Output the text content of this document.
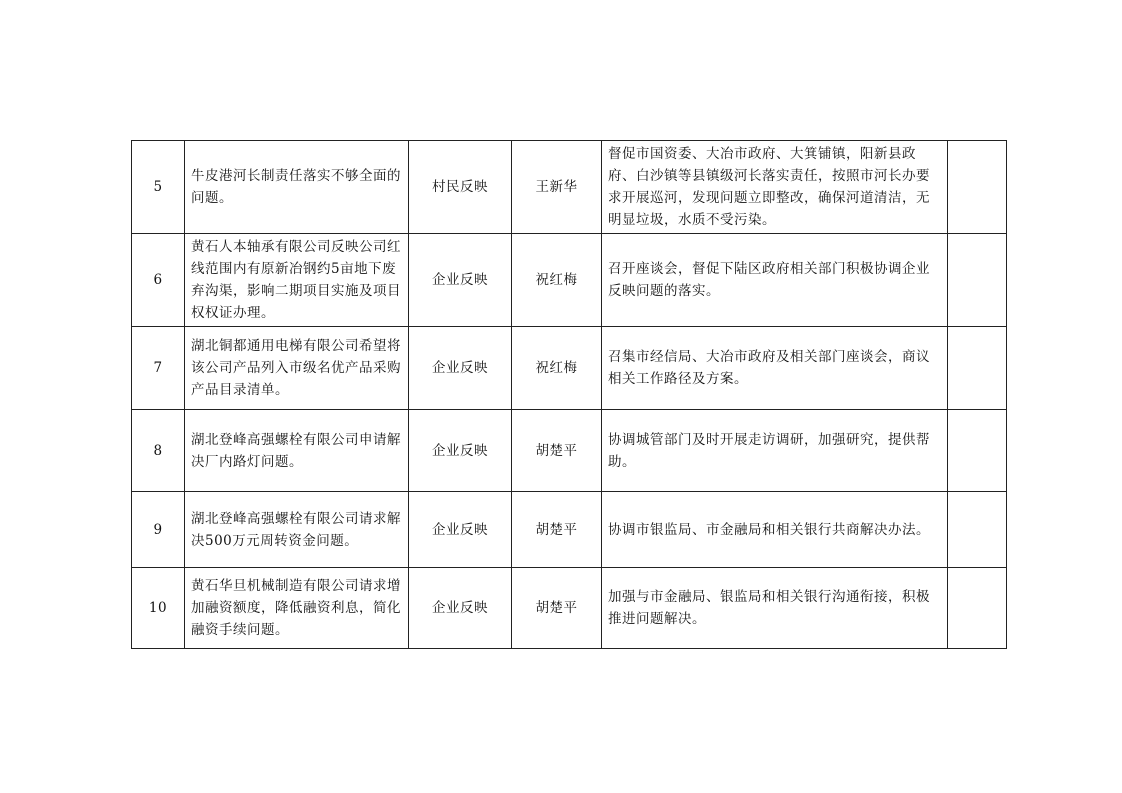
5	牛皮港河长制责任落实不够全面的问题。	村民反映	王新华	督促市国资委、大冶市政府、大箕铺镇，阳新县政府、白沙镇等县镇级河长落实责任，按照市河长办要求开展巡河，发现问题立即整改，确保河道清洁，无明显垃圾，水质不受污染。	
6	黄石人本轴承有限公司反映公司红线范围内有原新冶钢约5亩地下废弃沟渠，影响二期项目实施及项目权权证办理。	企业反映	祝红梅	召开座谈会，督促下陆区政府相关部门积极协调企业反映问题的落实。	
7	湖北铜都通用电梯有限公司希望将该公司产品列入市级名优产品采购产品目录清单。	企业反映	祝红梅	召集市经信局、大冶市政府及相关部门座谈会，商议相关工作路径及方案。	
8	湖北登峰高强螺栓有限公司申请解决厂内路灯问题。	企业反映	胡楚平	协调城管部门及时开展走访调研，加强研究，提供帮助。	
9	湖北登峰高强螺栓有限公司请求解决500万元周转资金问题。	企业反映	胡楚平	协调市银监局、市金融局和相关银行共商解决办法。	
10	黄石华旦机械制造有限公司请求增加融资额度，降低融资利息，简化融资手续问题。	企业反映	胡楚平	加强与市金融局、银监局和相关银行沟通衔接，积极推进问题解决。	
